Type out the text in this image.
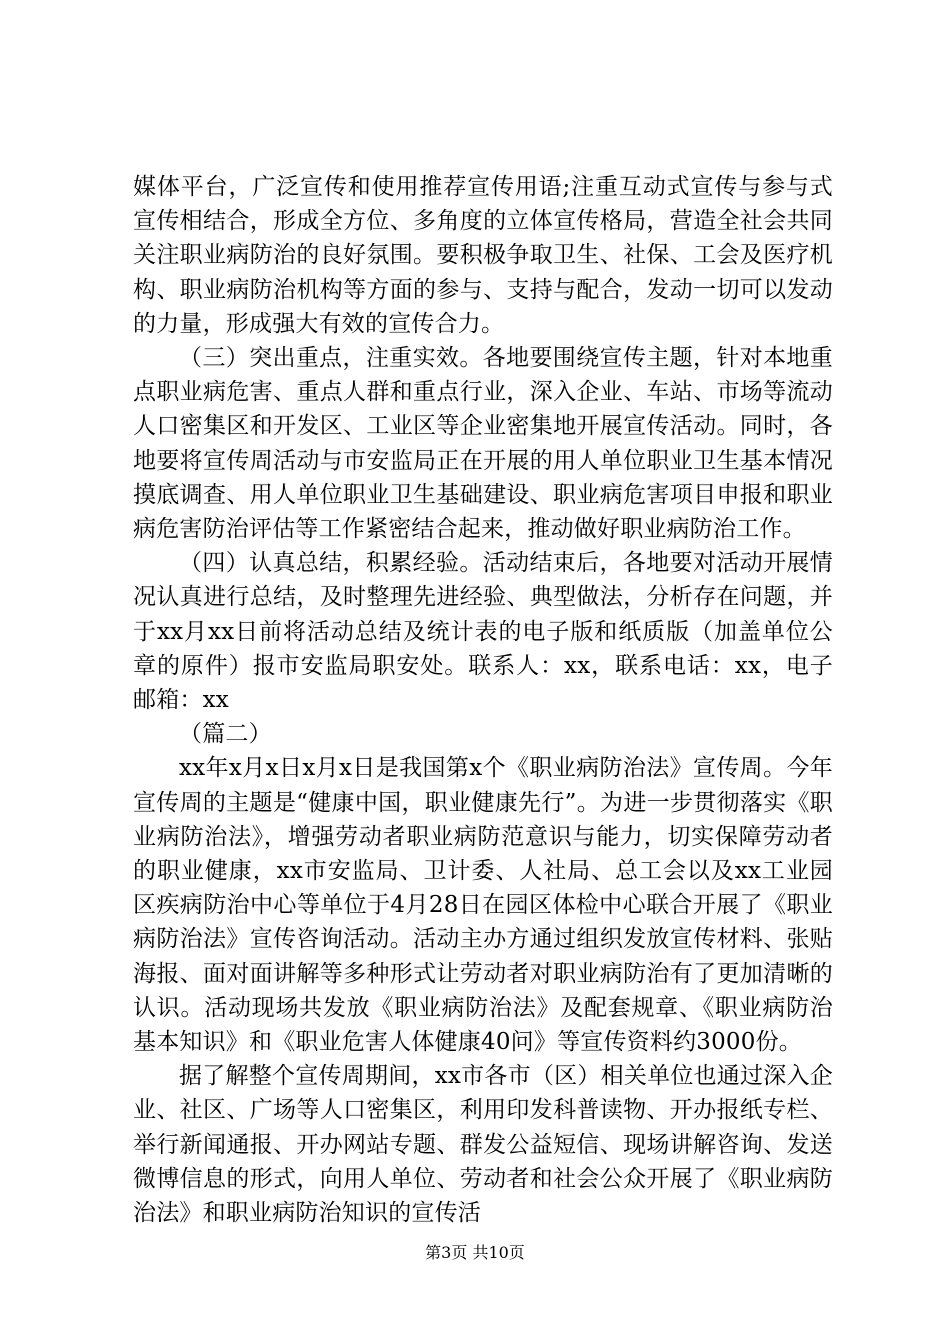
媒体平台，广泛宣传和使用推荐宣传用语;注重互动式宣传与参与式宣传相结合，形成全方位、多角度的立体宣传格局，营造全社会共同关注职业病防治的良好氛围。要积极争取卫生、社保、工会及医疗机构、职业病防治机构等方面的参与、支持与配合，发动一切可以发动的力量，形成强大有效的宣传合力。

（三）突出重点，注重实效。各地要围绕宣传主题，针对本地重点职业病危害、重点人群和重点行业，深入企业、车站、市场等流动人口密集区和开发区、工业区等企业密集地开展宣传活动。同时，各地要将宣传周活动与市安监局正在开展的用人单位职业卫生基本情况摸底调查、用人单位职业卫生基础建设、职业病危害项目申报和职业病危害防治评估等工作紧密结合起来，推动做好职业病防治工作。

（四）认真总结，积累经验。活动结束后，各地要对活动开展情况认真进行总结，及时整理先进经验、典型做法，分析存在问题，并于xx月xx日前将活动总结及统计表的电子版和纸质版（加盖单位公章的原件）报市安监局职安处。联系人：xx，联系电话：xx，电子邮箱：xx

（篇二）

xx年x月x日x月x日是我国第x个《职业病防治法》宣传周。今年宣传周的主题是“健康中国，职业健康先行”。为进一步贯彻落实《职业病防治法》，增强劳动者职业病防范意识与能力，切实保障劳动者的职业健康，xx市安监局、卫计委、人社局、总工会以及xx工业园区疾病防治中心等单位于4月28日在园区体检中心联合开展了《职业病防治法》宣传咨询活动。活动主办方通过组织发放宣传材料、张贴海报、面对面讲解等多种形式让劳动者对职业病防治有了更加清晰的认识。活动现场共发放《职业病防治法》及配套规章、《职业病防治基本知识》和《职业危害人体健康40问》等宣传资料约3000份。

据了解整个宣传周期间，xx市各市（区）相关单位也通过深入企业、社区、广场等人口密集区，利用印发科普读物、开办报纸专栏、举行新闻通报、开办网站专题、群发公益短信、现场讲解咨询、发送微博信息的形式，向用人单位、劳动者和社会公众开展了《职业病防治法》和职业病防治知识的宣传活

第3页 共10页
